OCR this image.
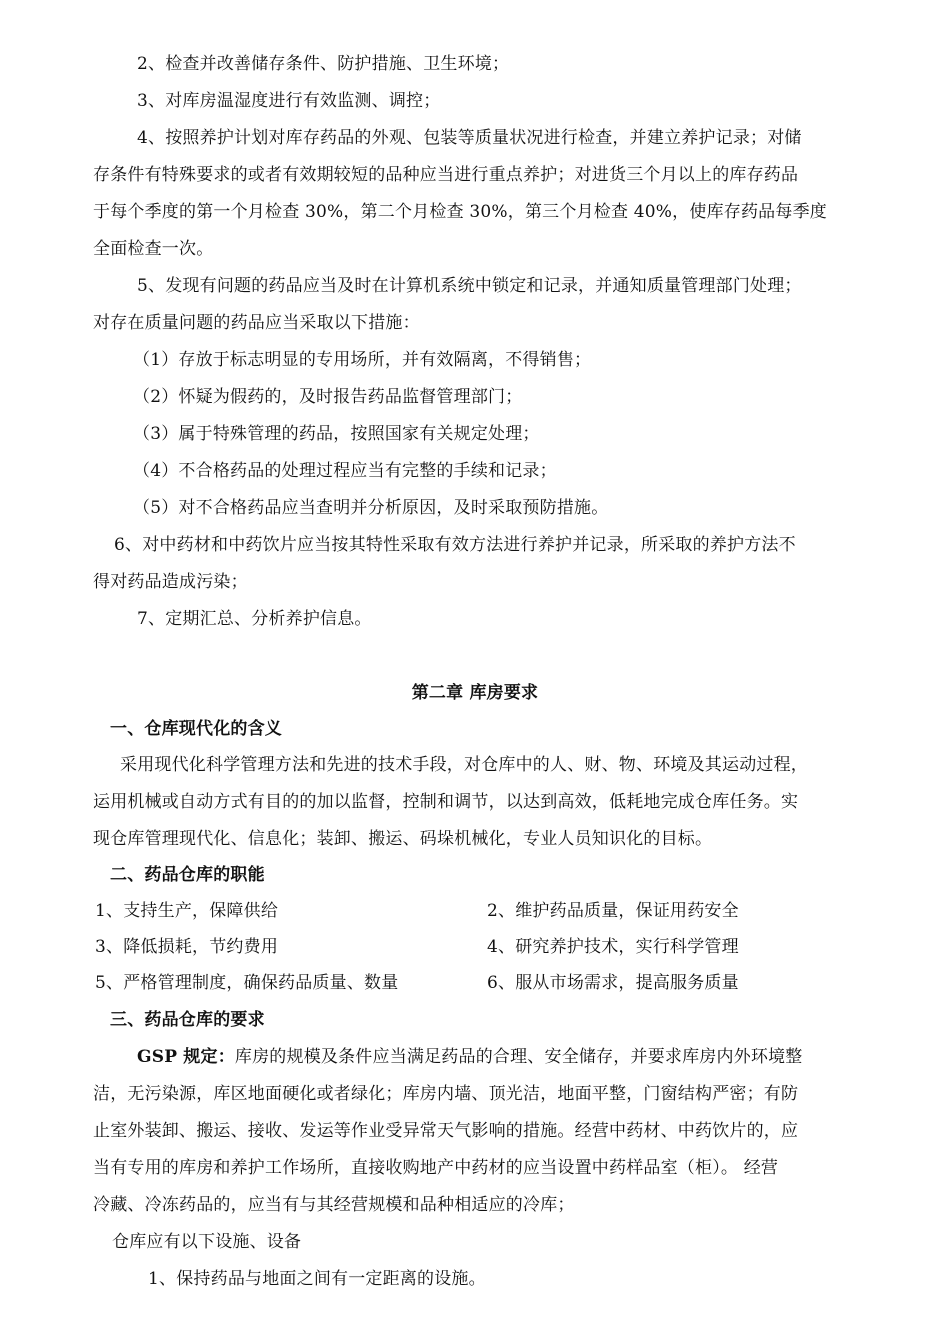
2、检查并改善储存条件、防护措施、卫生环境；
3、对库房温湿度进行有效监测、调控；
4、按照养护计划对库存药品的外观、包装等质量状况进行检查，并建立养护记录；对储
存条件有特殊要求的或者有效期较短的品种应当进行重点养护；对进货三个月以上的库存药品
于每个季度的第一个月检查 30%，第二个月检查 30%，第三个月检查 40%，使库存药品每季度
全面检查一次。
5、发现有问题的药品应当及时在计算机系统中锁定和记录，并通知质量管理部门处理；
对存在质量问题的药品应当采取以下措施：
（1）存放于标志明显的专用场所，并有效隔离，不得销售；
（2）怀疑为假药的，及时报告药品监督管理部门；
（3）属于特殊管理的药品，按照国家有关规定处理；
（4）不合格药品的处理过程应当有完整的手续和记录；
（5）对不合格药品应当查明并分析原因，及时采取预防措施。
6、对中药材和中药饮片应当按其特性采取有效方法进行养护并记录，所采取的养护方法不
得对药品造成污染；
7、定期汇总、分析养护信息。
第二章 库房要求
一、仓库现代化的含义
采用现代化科学管理方法和先进的技术手段，对仓库中的人、财、物、环境及其运动过程，
运用机械或自动方式有目的的加以监督，控制和调节，以达到高效，低耗地完成仓库任务。实
现仓库管理现代化、信息化；装卸、搬运、码垛机械化，专业人员知识化的目标。
二、药品仓库的职能
1、支持生产，保障供给	2、维护药品质量，保证用药安全
3、降低损耗，节约费用	4、研究养护技术，实行科学管理
5、严格管理制度，确保药品质量、数量	6、服从市场需求，提高服务质量
三、药品仓库的要求
GSP 规定：库房的规模及条件应当满足药品的合理、安全储存，并要求库房内外环境整
洁，无污染源，库区地面硬化或者绿化；库房内墙、顶光洁，地面平整，门窗结构严密；有防
止室外装卸、搬运、接收、发运等作业受异常天气影响的措施。经营中药材、中药饮片的，应
当有专用的库房和养护工作场所，直接收购地产中药材的应当设置中药样品室（柜）。 经营
冷藏、冷冻药品的，应当有与其经营规模和品种相适应的冷库；
仓库应有以下设施、设备
1、保持药品与地面之间有一定距离的设施。
